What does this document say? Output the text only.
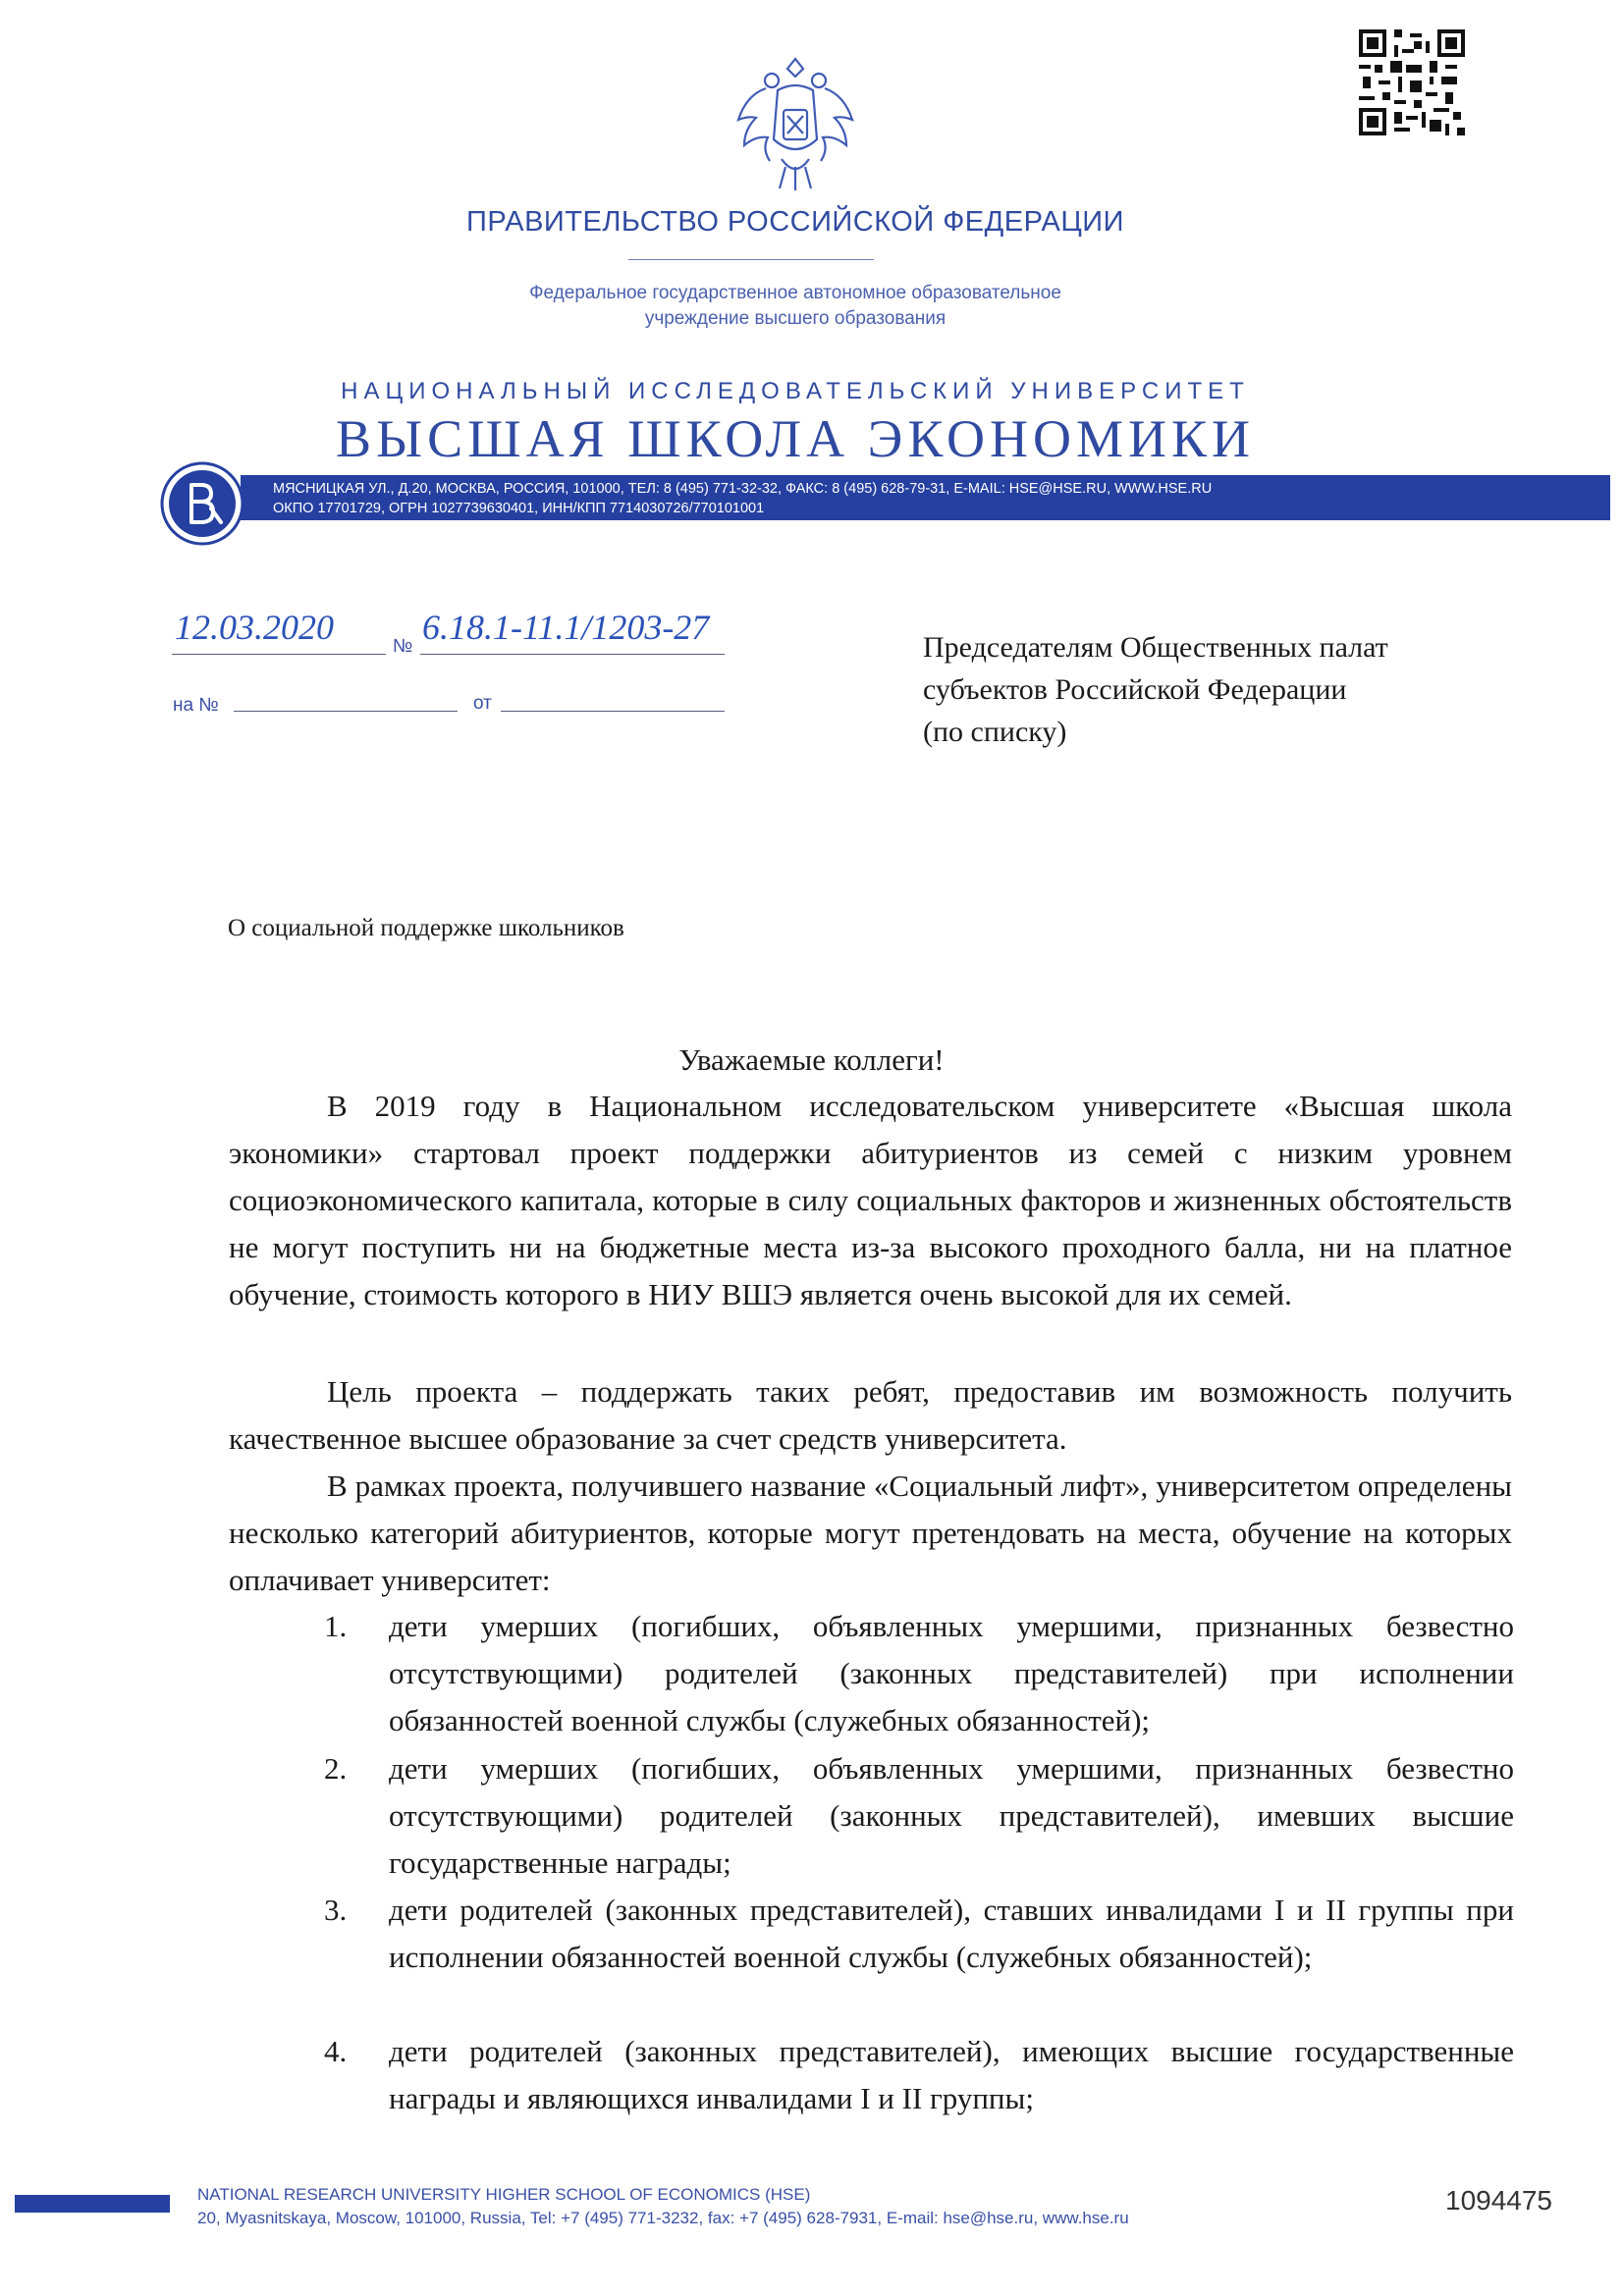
ПРАВИТЕЛЬСТВО РОССИЙСКОЙ ФЕДЕРАЦИИ
Федеральное государственное автономное образовательное
учреждение высшего образования
НАЦИОНАЛЬНЫЙ ИССЛЕДОВАТЕЛЬСКИЙ УНИВЕРСИТЕТ
ВЫСШАЯ ШКОЛА ЭКОНОМИКИ
МЯСНИЦКАЯ УЛ., Д.20, МОСКВА, РОССИЯ, 101000, ТЕЛ: 8 (495) 771-32-32, ФАКС: 8 (495) 628-79-31, E-MAIL: HSE@HSE.RU, WWW.HSE.RU
ОКПО 17701729, ОГРН 1027739630401, ИНН/КПП 7714030726/770101001
12.03.2020	№ 6.18.1-11.1/1203-27
на №	от
Председателям Общественных палат
субъектов Российской Федерации
(по списку)
О социальной поддержке школьников
Уважаемые коллеги!
В 2019 году в Национальном исследовательском университете «Высшая школа экономики» стартовал проект поддержки абитуриентов из семей с низким уровнем социоэкономического капитала, которые в силу социальных факторов и жизненных обстоятельств не могут поступить ни на бюджетные места из-за высокого проходного балла, ни на платное обучение, стоимость которого в НИУ ВШЭ является очень высокой для их семей.
Цель проекта – поддержать таких ребят, предоставив им возможность получить качественное высшее образование за счет средств университета.
В рамках проекта, получившего название «Социальный лифт», университетом определены несколько категорий абитуриентов, которые могут претендовать на места, обучение на которых оплачивает университет:
1. дети умерших (погибших, объявленных умершими, признанных безвестно отсутствующими) родителей (законных представителей) при исполнении обязанностей военной службы (служебных обязанностей);
2. дети умерших (погибших, объявленных умершими, признанных безвестно отсутствующими) родителей (законных представителей), имевших высшие государственные награды;
3. дети родителей (законных представителей), ставших инвалидами I и II группы при исполнении обязанностей военной службы (служебных обязанностей);
4. дети родителей (законных представителей), имеющих высшие государственные награды и являющихся инвалидами I и II группы;
NATIONAL RESEARCH UNIVERSITY HIGHER SCHOOL OF ECONOMICS (HSE)
20, Myasnitskaya, Moscow, 101000, Russia, Tel: +7 (495) 771-3232, fax: +7 (495) 628-7931, E-mail: hse@hse.ru, www.hse.ru
1094475
